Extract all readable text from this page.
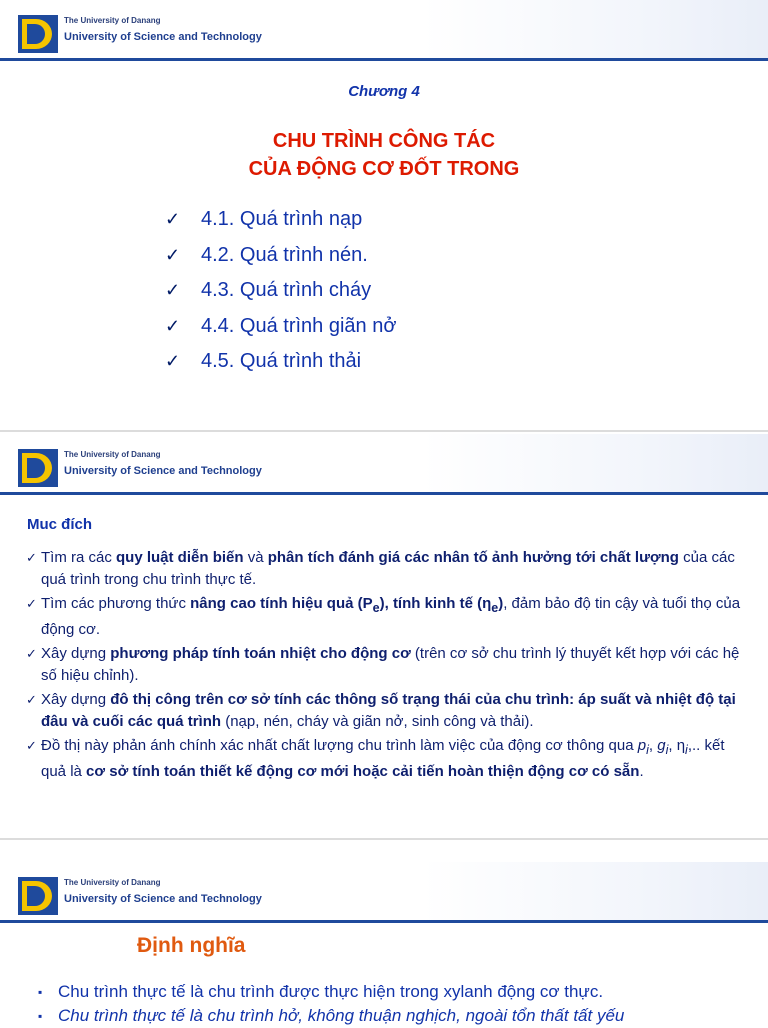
The University of Danang
University of Science and Technology
Chương 4
CHU TRÌNH CÔNG TÁC
CỦA ĐỘNG CƠ ĐỐT TRONG
✓	4.1. Quá trình nạp
✓	4.2. Quá trình nén.
✓	4.3. Quá trình cháy
✓	4.4. Quá trình giãn nở
✓	4.5. Quá trình thải
The University of Danang
University of Science and Technology
Muc đích
✓ Tìm ra các quy luật diễn biến và phân tích đánh giá các nhân tố ảnh hưởng tới chất lượng của các quá trình trong chu trình thực tế.
✓ Tìm các phương thức nâng cao tính hiệu quả $(P_e)$, tính kinh tế $(\eta_e)$, đảm bảo độ tin cậy và tuổi thọ của động cơ.
✓ Xây dựng phương pháp tính toán nhiệt cho động cơ (trên cơ sở chu trình lý thuyết kết hợp với các hệ số hiệu chỉnh).
✓ Xây dựng đô thị công trên cơ sở tính các thông số trạng thái của chu trình: áp suất và nhiệt độ tại đâu và cuối các quá trình (nạp, nén, cháy và giãn nở, sinh công và thải).
✓ Đồ thị này phản ánh chính xác nhất chất lượng chu trình làm việc của động cơ thông qua $p_i$, $g_i$, $\eta_i$,.. kết quả là cơ sở tính toán thiết kế động cơ mới hoặc cải tiến hoàn thiện động cơ có sẵn.
The University of Danang
University of Science and Technology
Định nghĩa
▪ Chu trình thực tế là chu trình được thực hiện trong xylanh động cơ thực.
▪ Chu trình thực tế là chu trình hở, không thuận nghịch, ngoài tổn thất tất yếu
